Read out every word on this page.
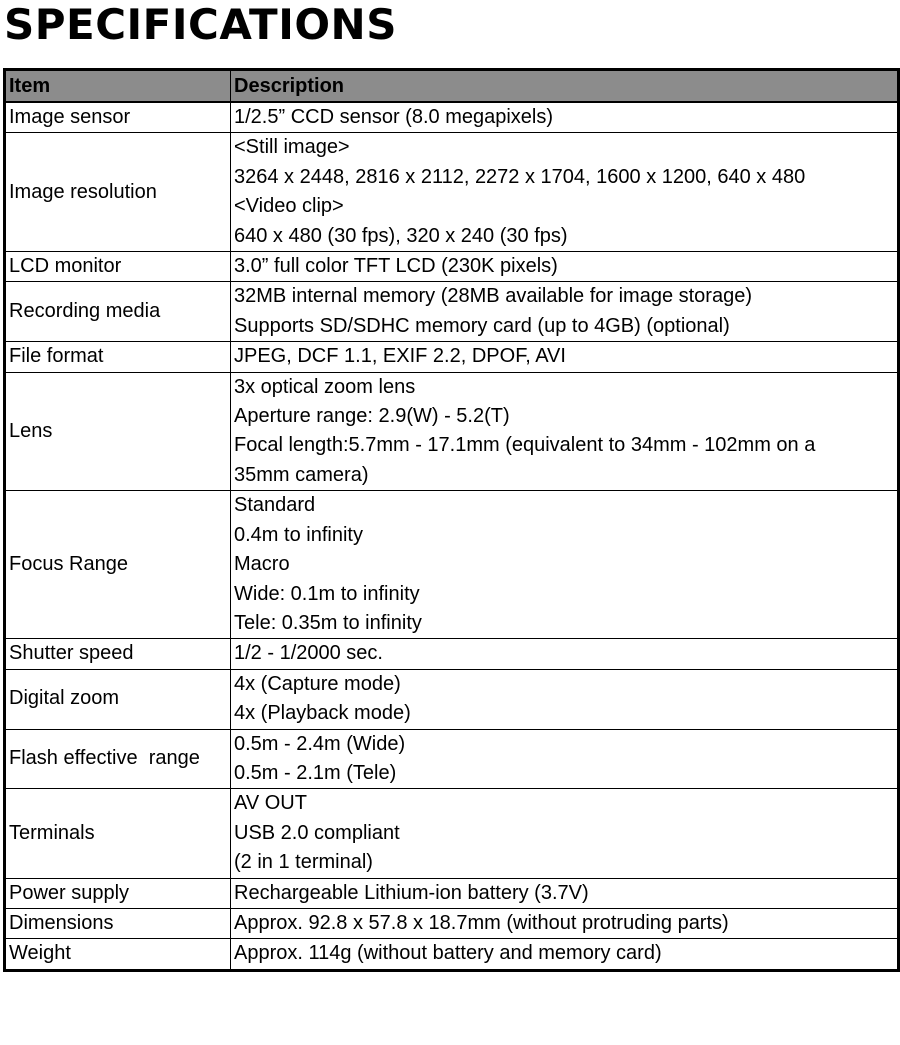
SPECIFICATIONS
Item	Description
Image sensor	1/2.5” CCD sensor (8.0 megapixels)

Image resolution	<Still image>
3264 x 2448, 2816 x 2112, 2272 x 1704, 1600 x 1200, 640 x 480
<Video clip>
640 x 480 (30 fps), 320 x 240 (30 fps)

LCD monitor	3.0” full color TFT LCD (230K pixels)

Recording media	32MB internal memory (28MB available for image storage)
Supports SD/SDHC memory card (up to 4GB) (optional)

File format	JPEG, DCF 1.1, EXIF 2.2, DPOF, AVI

Lens	3x optical zoom lens
Aperture range: 2.9(W) - 5.2(T)
Focal length:5.7mm - 17.1mm (equivalent to 34mm - 102mm on a
35mm camera)

Focus Range	Standard
0.4m to infinity
Macro
Wide: 0.1m to infinity
Tele: 0.35m to infinity

Shutter speed	1/2 - 1/2000 sec.

Digital zoom	4x (Capture mode)
4x (Playback mode)

Flash effective  range	0.5m - 2.4m (Wide)
0.5m - 2.1m (Tele)

Terminals	AV OUT
USB 2.0 compliant
(2 in 1 terminal)

Power supply	Rechargeable Lithium-ion battery (3.7V)

Dimensions	Approx. 92.8 x 57.8 x 18.7mm (without protruding parts)

Weight	Approx. 114g (without battery and memory card)
